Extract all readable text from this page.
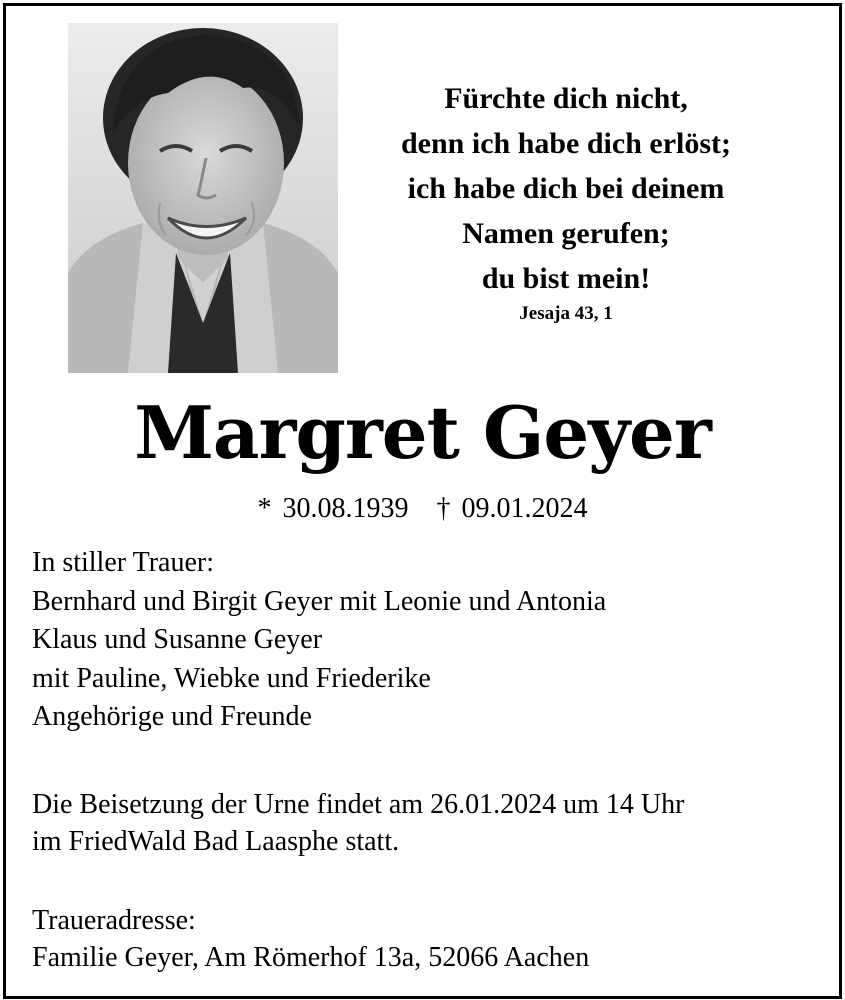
Fürchte dich nicht,
denn ich habe dich erlöst;
ich habe dich bei deinem
Namen gerufen;
du bist mein!
Jesaja 43, 1
Margret Geyer
* 30.08.1939 † 09.01.2024
In stiller Trauer:
Bernhard und Birgit Geyer mit Leonie und Antonia
Klaus und Susanne Geyer
mit Pauline, Wiebke und Friederike
Angehörige und Freunde
Die Beisetzung der Urne findet am 26.01.2024 um 14 Uhr
im FriedWald Bad Laasphe statt.
Traueradresse:
Familie Geyer, Am Römerhof 13a, 52066 Aachen
